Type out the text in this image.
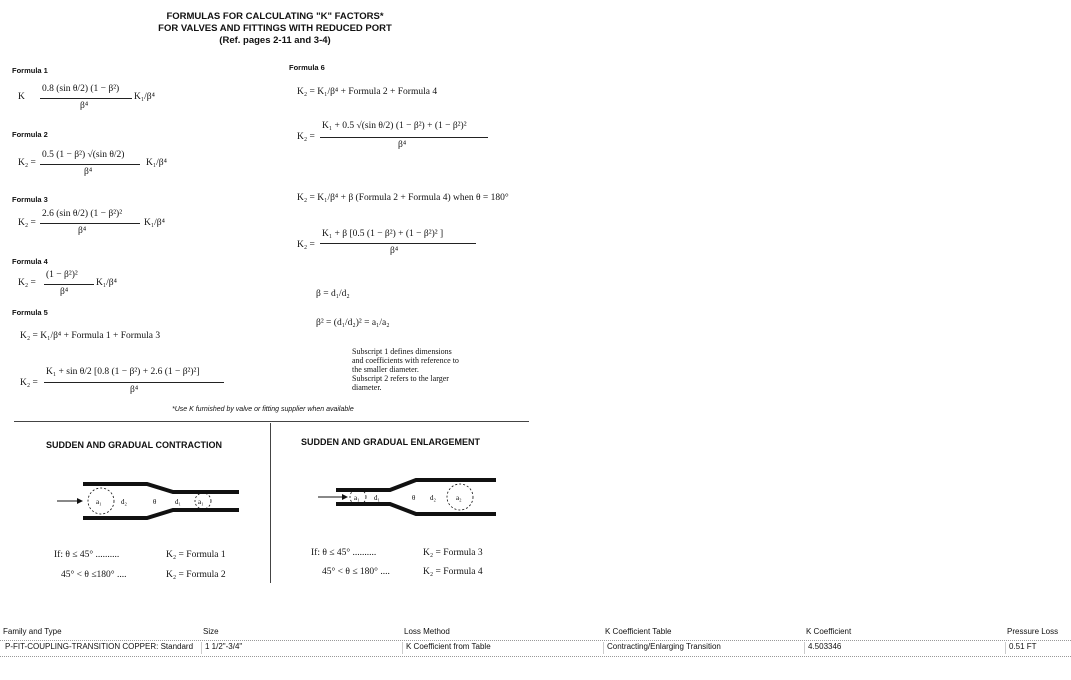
FORMULAS FOR CALCULATING "K" FACTORS*
FOR VALVES AND FITTINGS WITH REDUCED PORT
(Ref. pages 2-11 and 3-4)
Formula 1
K
0.8 (sin θ/2) (1 − β²)
β⁴
K₁/β⁴
Formula 2
K₂ =
0.5 (1 − β²) √(sin θ/2)
β⁴
K₁/β⁴
Formula 3
K₂ =
2.6 (sin θ/2) (1 − β²)²
β⁴
K₁/β⁴
Formula 4
K₂ =
(1 − β²)²
β⁴
K₁/β⁴
Formula 5
K₂ = K₁/β⁴ + Formula 1 + Formula 3
K₂ =
K₁ + sin θ/2 [0.8 (1 − β²) + 2.6 (1 − β²)²]
β⁴
Formula 6
K₂ = K₁/β⁴ + Formula 2 + Formula 4
K₂ =
K₁ + 0.5 √(sin θ/2) (1 − β²) + (1 − β²)²
β⁴
K₂ = K₁/β⁴ + β (Formula 2 + Formula 4) when θ = 180°
K₂ =
K₁ + β [0.5 (1 − β²) + (1 − β²)² ]
β⁴
β = d₁/d₂
β² = (d₁/d₂)² = a₁/a₂
Subscript 1 defines dimensions
and coefficients with reference to
the smaller diameter.
Subscript 2 refers to the larger
diameter.
*Use K furnished by valve or fitting supplier when available
SUDDEN AND GRADUAL CONTRACTION
a₁	d₂	θ	d₁ a₁
If: θ ≤ 45° ..........	K₂ = Formula 1
45° < θ ≤180° ....	K₂ = Formula 2
SUDDEN AND GRADUAL ENLARGEMENT
a₁ d₁	θ d₂	a₂
If: θ ≤ 45° ..........	K₂ = Formula 3
45° < θ ≤ 180° ....	K₂ = Formula 4
Family and Type	Size	Loss Method	K Coefficient Table	K Coefficient	Pressure Loss
P-FIT-COUPLING-TRANSITION COPPER: Standard	1 1/2"-3/4"	K Coefficient from Table	Contracting/Enlarging Transition	4.503346	0.51 FT
